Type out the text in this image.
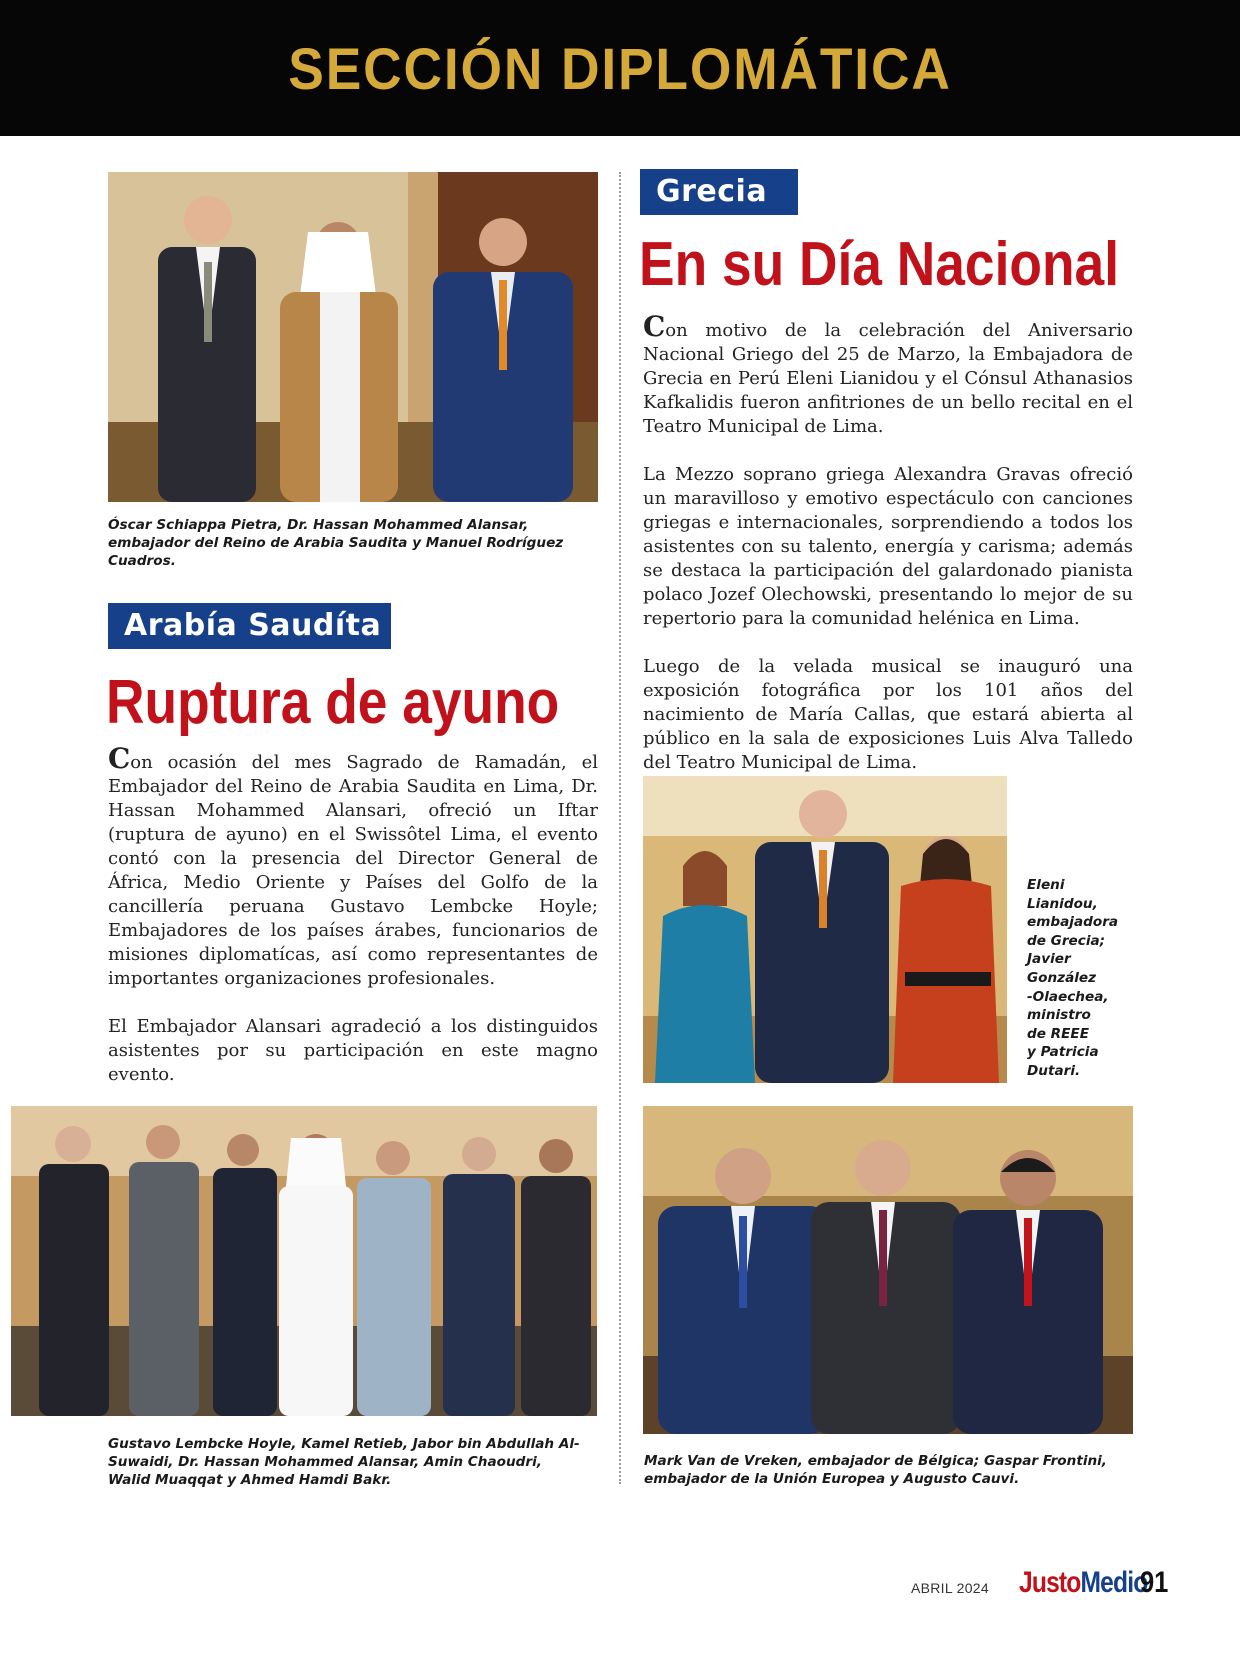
SECCIÓN DIPLOMÁTICA
Óscar Schiappa Pietra, Dr. Hassan Mohammed Alansar, embajador del Reino de Arabia Saudita y Manuel Rodríguez Cuadros.
Arabía Saudíta
Ruptura de ayuno

Con ocasión del mes Sagrado de Ramadán, el Embajador del Reino de Arabia Saudita en Lima, Dr. Hassan Mohammed Alansari, ofreció un Iftar (ruptura de ayuno) en el Swissôtel Lima, el evento contó con la presencia del Director General de África, Medio Oriente y Países del Golfo de la cancillería peruana Gustavo Lembcke Hoyle; Embajadores de los países árabes, funcionarios de misiones diplomatícas, así como representantes de importantes organizaciones profesionales.

El Embajador Alansari agradeció a los distinguidos asistentes por su participación en este magno evento.

Gustavo Lembcke Hoyle, Kamel Retieb, Jabor bin Abdullah Al-Suwaidi, Dr. Hassan Mohammed Alansar, Amin Chaoudri, Walid Muaqqat y Ahmed Hamdi Bakr.
Grecia
En su Día Nacional

Con motivo de la celebración del Aniversario Nacional Griego del 25 de Marzo, la Embajadora de Grecia en Perú Eleni Lianidou y el Cónsul Athanasios Kafkalidis fueron anfitriones de un bello recital en el Teatro Municipal de Lima.

La Mezzo soprano griega Alexandra Gravas ofreció un maravilloso y emotivo espectáculo con canciones griegas e internacionales, sorprendiendo a todos los asistentes con su talento, energía y carisma; además se destaca la participación del galardonado pianista polaco Jozef Olechowski, presentando lo mejor de su repertorio para la comunidad helénica en Lima.

Luego de la velada musical se inauguró una exposición fotográfica por los 101 años del nacimiento de María Callas, que estará abierta al público en la sala de exposiciones Luis Alva Talledo del Teatro Municipal de Lima.

Eleni
Lianidou,
embajadora
de Grecia;
Javier
González
-Olaechea,
ministro
de REEE
y Patricia
Dutari.
Mark Van de Vreken, embajador de Bélgica; Gaspar Frontini, embajador de la Unión Europea y Augusto Cauvi.
ABRIL 2024 JustoMedio
91
